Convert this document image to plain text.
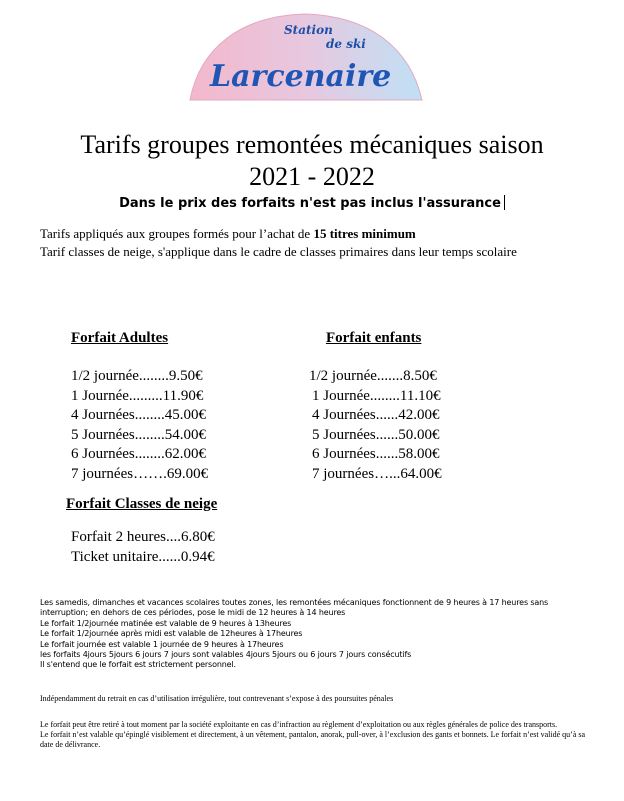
Station
de ski
Larcenaire
Tarifs groupes remontées mécaniques saison
2021 - 2022
Dans le prix des forfaits n'est pas inclus l'assurance
Tarifs appliqués aux groupes formés pour l’achat de 15 titres minimum
Tarif classes de neige, s'applique dans le cadre de classes primaires dans leur temps scolaire
Forfait Adultes
1/2 journée........9.50€
1 Journée.........11.90€
4 Journées........45.00€
5 Journées........54.00€
6 Journées........62.00€
7 journées…….69.00€
Forfait enfants
1/2 journée.......8.50€
1 Journée........11.10€
4 Journées......42.00€
5 Journées......50.00€
6 Journées......58.00€
7 journées…...64.00€
Forfait Classes de neige
Forfait 2 heures....6.80€
Ticket unitaire......0.94€
Les samedis, dimanches et vacances scolaires toutes zones, les remontées mécaniques fonctionnent de 9 heures à 17 heures sans interruption; en dehors de ces périodes, pose le midi de 12 heures à 14 heures
Le forfait 1/2journée matinée est valable de 9 heures à 13heures
Le forfait 1/2journée après midi est valable de 12heures à 17heures
Le forfait journée est valable 1 journée de 9 heures à 17heures
les forfaits 4jours 5jours 6 jours 7 jours sont valables 4jours 5jours ou 6 jours 7 jours consécutifs
Il s'entend que le forfait est strictement personnel.
Indépendamment du retrait en cas d’utilisation irrégulière, tout contrevenant s’expose à des poursuites pénales
Le forfait peut être retiré à tout moment par la société exploitante en cas d’infraction au règlement d’exploitation ou aux règles générales de police des transports.
Le forfait n’est valable qu’épinglé visiblement et directement, à un vêtement, pantalon, anorak, pull-over, à l’exclusion des gants et bonnets. Le forfait n’est validé qu’à sa date de délivrance.
